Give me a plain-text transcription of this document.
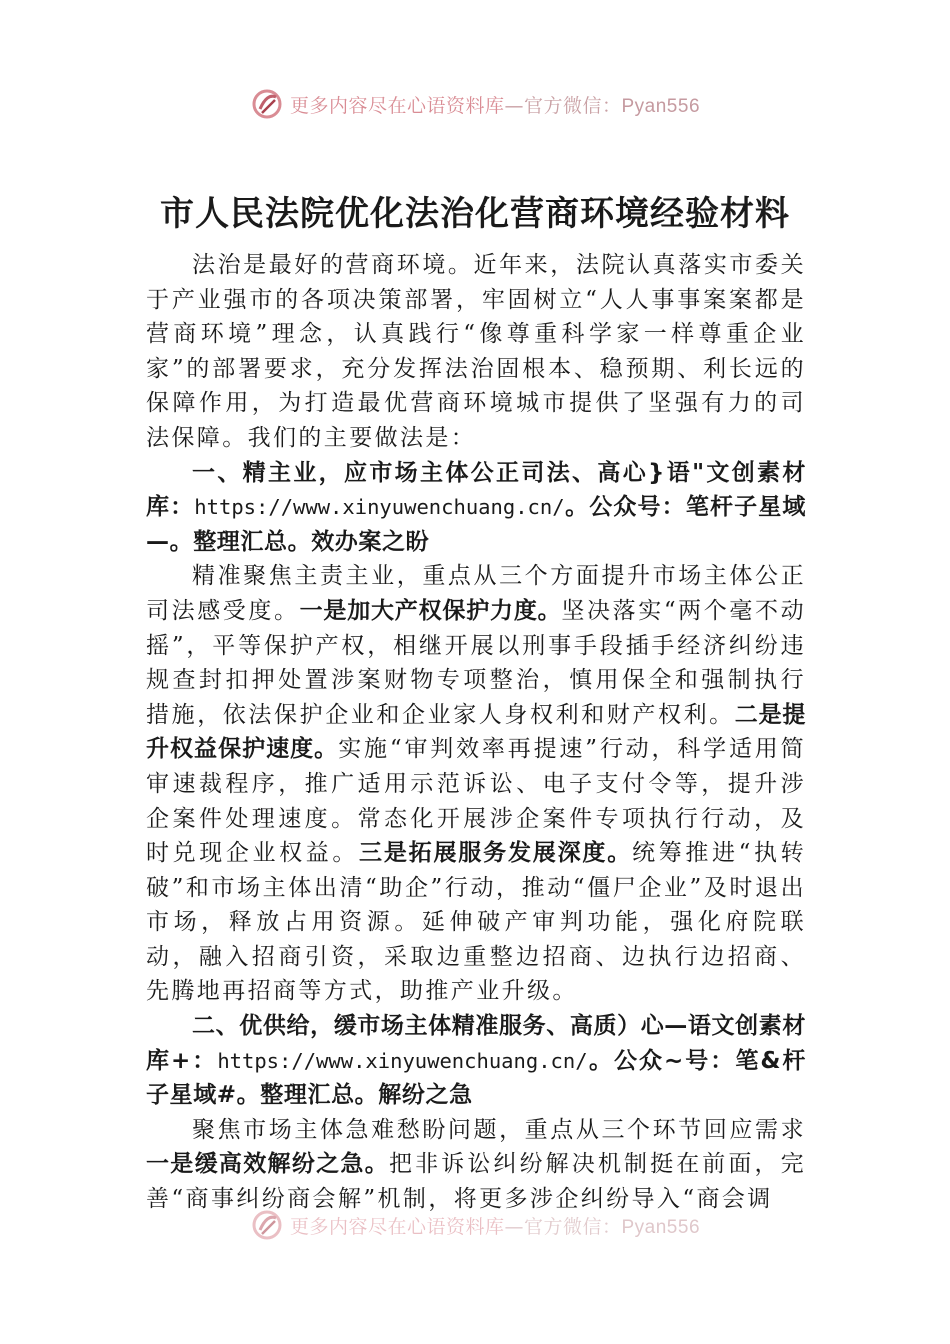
更多内容尽在心语资料库—官方微信：Pyan556
市人民法院优化法治化营商环境经验材料

法治是最好的营商环境。近年来，法院认真落实市委关于产业强市的各项决策部署，牢固树立“人人事事案案都是营商环境”理念，认真践行“像尊重科学家一样尊重企业家”的部署要求，充分发挥法治固根本、稳预期、利长远的保障作用，为打造最优营商环境城市提供了坚强有力的司法保障。我们的主要做法是：

一、精主业，应市场主体公正司法、高心}语"文创素材库：https://www.xinyuwenchuang.cn/。公众号：笔杆子星域—。整理汇总。效办案之盼

精准聚焦主责主业，重点从三个方面提升市场主体公正司法感受度。一是加大产权保护力度。坚决落实“两个毫不动摇”，平等保护产权，相继开展以刑事手段插手经济纠纷违规查封扣押处置涉案财物专项整治，慎用保全和强制执行措施，依法保护企业和企业家人身权利和财产权利。二是提升权益保护速度。实施“审判效率再提速”行动，科学适用简审速裁程序，推广适用示范诉讼、电子支付令等，提升涉企案件处理速度。常态化开展涉企案件专项执行行动，及时兑现企业权益。三是拓展服务发展深度。统筹推进“执转破”和市场主体出清“助企”行动，推动“僵尸企业”及时退出市场，释放占用资源。延伸破产审判功能，强化府院联动，融入招商引资，采取边重整边招商、边执行边招商、先腾地再招商等方式，助推产业升级。

二、优供给，缓市场主体精准服务、高质）心—语文创素材库+：https://www.xinyuwenchuang.cn/。公众~号：笔&杆子星域#。整理汇总。解纷之急

聚焦市场主体急难愁盼问题，重点从三个环节回应需求一是缓高效解纷之急。把非诉讼纠纷解决机制挺在前面，完善“商事纠纷商会解”机制，将更多涉企纠纷导入“商会调

更多内容尽在心语资料库—官方微信：Pyan556
